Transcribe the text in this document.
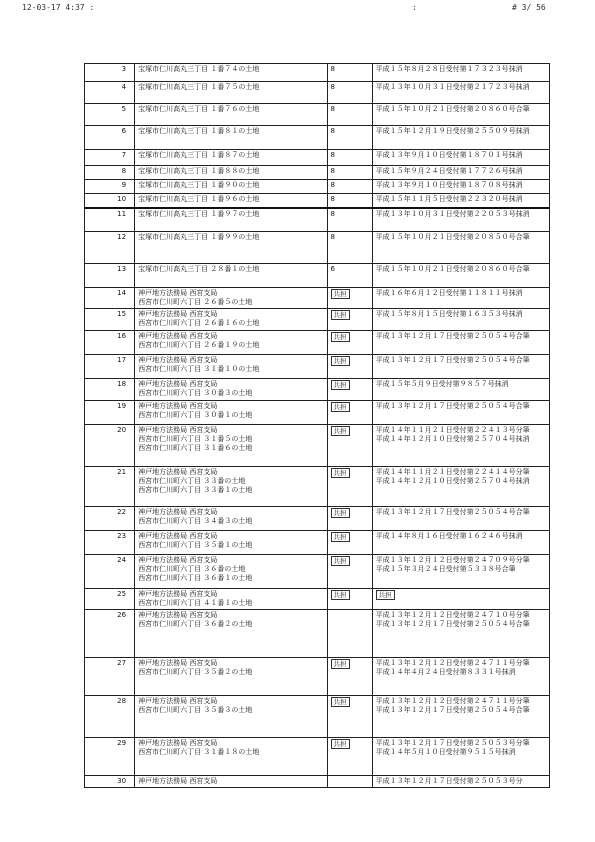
12-03-17 4:37 :	:	# 3/ 56
3	宝塚市仁川高丸三丁目 １番７４の土地	8	平成１５年８月２８日受付第１７３２３号抹消

4	宝塚市仁川高丸三丁目 １番７５の土地	8	平成１３年１０月３１日受付第２１７２３号抹消

5	宝塚市仁川高丸三丁目 １番７６の土地	8	平成１５年１０月２１日受付第２０８６０号合筆

6	宝塚市仁川高丸三丁目 １番８１の土地	8	平成１５年１２月１９日受付第２５５０９号抹消

7	宝塚市仁川高丸三丁目 １番８７の土地	8	平成１３年９月１０日受付第１８７０１号抹消

8	宝塚市仁川高丸三丁目 １番８８の土地	8	平成１５年９月２４日受付第１７７２６号抹消

9	宝塚市仁川高丸三丁目 １番９０の土地	8	平成１３年９月１０日受付第１８７０８号抹消

10	宝塚市仁川高丸三丁目 １番９６の土地	8	平成１５年１１月５日受付第２２３２０号抹消

11	宝塚市仁川高丸三丁目 １番９７の土地	8	平成１３年１０月３１日受付第２２０５３号抹消

12	宝塚市仁川高丸三丁目 １番９９の土地	8	平成１５年１０月２１日受付第２０８５０号合筆

13	宝塚市仁川高丸三丁目 ２８番１の土地	6	平成１５年１０月２１日受付第２０８６０号合筆

14	神戸地方法務局 西宮支局
西宮市仁川町六丁目 ２６番５の土地	共担	平成１６年６月１２日受付第１１８１１号抹消

15	神戸地方法務局 西宮支局
西宮市仁川町六丁目 ２６番１６の土地	共担	平成１５年８月１５日受付第１６３５３号抹消

16	神戸地方法務局 西宮支局
西宮市仁川町六丁目 ２６番１９の土地	共担	平成１３年１２月１７日受付第２５０５４号合筆

17	神戸地方法務局 西宮支局
西宮市仁川町六丁目 ３１番１０の土地	共担	平成１３年１２月１７日受付第２５０５４号合筆

18	神戸地方法務局 西宮支局
西宮市仁川町六丁目 ３０番３の土地	共担	平成１５年５月９日受付第９８５７号抹消

19	神戸地方法務局 西宮支局
西宮市仁川町六丁目 ３０番１の土地	共担	平成１３年１２月１７日受付第２５０５４号合筆

20	神戸地方法務局 西宮支局
西宮市仁川町六丁目 ３１番５の土地
西宮市仁川町六丁目 ３１番６の土地	共担	平成１４年１１月２１日受付第２２４１３号分筆
平成１４年１２月１０日受付第２５７０４号抹消

21	神戸地方法務局 西宮支局
西宮市仁川町六丁目 ３３番の土地
西宮市仁川町六丁目 ３３番１の土地	共担	平成１４年１１月２１日受付第２２４１４号分筆
平成１４年１２月１０日受付第２５７０４号抹消

22	神戸地方法務局 西宮支局
西宮市仁川町六丁目 ３４番３の土地	共担	平成１３年１２月１７日受付第２５０５４号合筆

23	神戸地方法務局 西宮支局
西宮市仁川町六丁目 ３５番１の土地	共担	平成１４年８月１６日受付第１６２４６号抹消

24	神戸地方法務局 西宮支局
西宮市仁川町六丁目 ３６番の土地
西宮市仁川町六丁目 ３６番１の土地	共担	平成１３年１２月１２日受付第２４７０９号分筆
平成１５年３月２４日受付第５３３８号合筆

25	神戸地方法務局 西宮支局
西宮市仁川町六丁目 ４１番１の土地	共担	共担
26	神戸地方法務局 西宮支局
西宮市仁川町六丁目 ３６番２の土地		平成１３年１２月１２日受付第２４７１０号分筆
平成１３年１２月１７日受付第２５０５４号合筆

27	神戸地方法務局 西宮支局
西宮市仁川町六丁目 ３５番２の土地	共担	平成１３年１２月１２日受付第２４７１１号分筆
平成１４年４月２４日受付第８３３１号抹消

28	神戸地方法務局 西宮支局
西宮市仁川町六丁目 ３５番３の土地	共担	平成１３年１２月１２日受付第２４７１１号分筆
平成１３年１２月１７日受付第２５０５４号合筆

29	神戸地方法務局 西宮支局
西宮市仁川町六丁目 ３１番１８の土地	共担	平成１３年１２月１７日受付第２５０５３号分筆
平成１４年５月１０日受付第９５１５号抹消

30	神戸地方法務局 西宮支局		平成１３年１２月１７日受付第２５０５３号分
